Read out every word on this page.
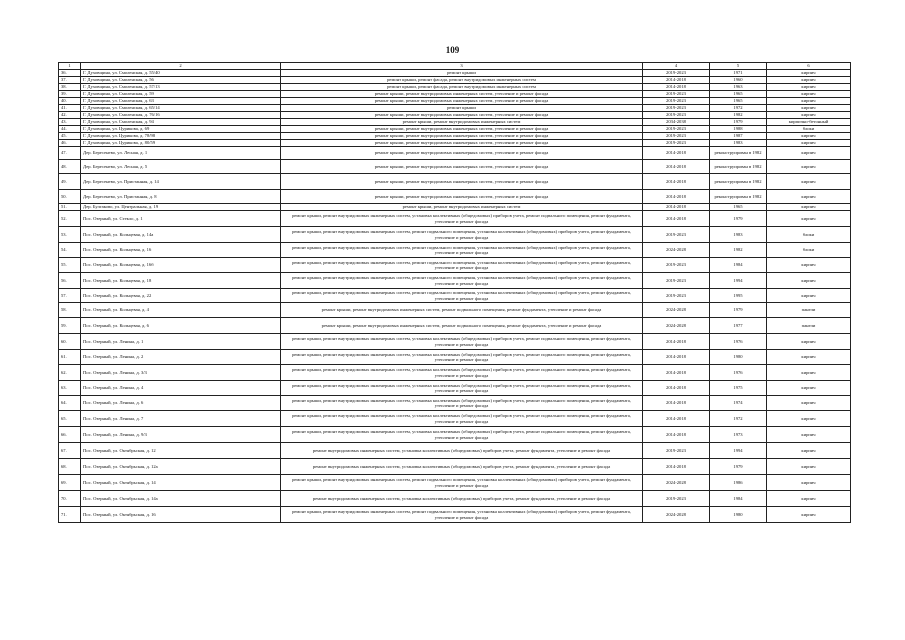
109
1	2	3	4	5	6
36.	Г. Духовщина, ул. Смоленская, д. 55/40	ремонт крыши	2019-2023	1971	кирпич
37.	Г. Духовщина, ул. Смоленская, д. 56	ремонт крыши, ремонт фасада, ремонт внутридомовых инженерных систем	2014-2018	1960	кирпич
38.	Г. Духовщина, ул. Смоленская, д. 57/13	ремонт крыши, ремонт фасада, ремонт внутридомовых инженерных систем	2014-2018	1963	кирпич
39.	Г. Духовщина, ул. Смоленская, д. 59	ремонт крыши, ремонт внутридомовых инженерных систем, утепление и ремонт фасада	2019-2023	1965	кирпич
40.	Г. Духовщина, ул. Смоленская, д. 63	ремонт крыши, ремонт внутридомовых инженерных систем, утепление и ремонт фасада	2019-2023	1965	кирпич
41.	Г. Духовщина, ул. Смоленская, д. 65/14	ремонт крыши	2019-2023	1972	кирпич
42.	Г. Духовщина, ул. Смоленская, д. 76/16	ремонт крыши, ремонт внутридомовых инженерных систем, утепление и ремонт фасада	2019-2023	1982	кирпич
43.	Г. Духовщина, ул. Смоленская, д. 94	ремонт крыши, ремонт внутридомовых инженерных систем	2034-2038	1979	кирпично-бетонный
44.	Г. Духовщина, ул. Цурикова, д. 69	ремонт крыши, ремонт внутридомовых инженерных систем, утепление и ремонт фасада	2019-2023	1988	блоки
45.	Г. Духовщина, ул. Цурикова, д. 78/98	ремонт крыши, ремонт внутридомовых инженерных систем, утепление и ремонт фасада	2019-2023	1987	кирпич
46.	Г. Духовщина, ул. Цурикова, д. 80/59	ремонт крыши, ремонт внутридомовых инженерных систем, утепление и ремонт фасада	2019-2023	1983	кирпич
47.	Дер. Бересенево, ул. Лесная, д. 1	ремонт крыши, ремонт внутридомовых инженерных систем, утепление и ремонт фасада	2014-2018	реконструирован в 1982	кирпич
48.	Дер. Бересенево, ул. Лесная, д. 5	ремонт крыши, ремонт внутридомовых инженерных систем, утепление и ремонт фасада	2014-2018	реконструирован в 1982	кирпич
49.	Дер. Бересенево, ул. Пристанная, д. 14	ремонт крыши, ремонт внутридомовых инженерных систем, утепление и ремонт фасада	2014-2018	реконструирован в 1982	кирпич
50.	Дер. Бересенево, ул. Пристанная, д. 8	ремонт крыши, ремонт внутридомовых инженерных систем, утепление и ремонт фасада	2014-2018	реконструирован в 1982	кирпич
51.	Дер. Булгаково, ул. Центральная, д. 19	ремонт крыши, ремонт внутридомовых инженерных систем	2014-2018	1965	кирпич
52.	Пос. Озерный, ул. Cтекло, д. 1	ремонт крыши, ремонт внутридомовых инженерных систем, установка коллективных (общедомовых) приборов учета, ремонт подвального помещения, ремонт фундамента, утепление и ремонт фасада	2014-2018	1979	кирпич
53.	Пос. Озерный, ул. Кольцевая, д. 14а	ремонт крыши, ремонт внутридомовых инженерных систем, ремонт подвального помещения, установка коллективных (общедомовых) приборов учета, ремонт фундамента, утепление и ремонт фасада	2019-2023	1983	блоки
54.	Пос. Озерный, ул. Кольцевая, д. 16	ремонт крыши, ремонт внутридомовых инженерных систем, ремонт подвального помещения, установка коллективных (общедомовых) приборов учета, ремонт фундамента, утепление и ремонт фасада	2024-2028	1982	блоки
55.	Пос. Озерный, ул. Кольцевая, д. 16б	ремонт крыши, ремонт внутридомовых инженерных систем, ремонт подвального помещения, установка коллективных (общедомовых) приборов учета, ремонт фундамента, утепление и ремонт фасада	2019-2023	1984	кирпич
56.	Пос. Озерный, ул. Кольцевая, д. 18	ремонт крыши, ремонт внутридомовых инженерных систем, ремонт подвального помещения, установка коллективных (общедомовых) приборов учета, ремонт фундамента, утепление и ремонт фасада	2019-2023	1994	кирпич
57.	Пос. Озерный, ул. Кольцевая, д. 22	ремонт крыши, ремонт внутридомовых инженерных систем, ремонт подвального помещения, установка коллективных (общедомовых) приборов учета, ремонт фундамента, утепление и ремонт фасада	2019-2023	1995	кирпич
58.	Пос. Озерный, ул. Кольцевая, д. 4	ремонт крыши, ремонт внутридомовых инженерных систем, ремонт подвального помещения, ремонт фундамента, утепление и ремонт фасада	2024-2028	1979	панели
59.	Пос. Озерный, ул. Кольцевая, д. 6	ремонт крыши, ремонт внутридомовых инженерных систем, ремонт подвального помещения, ремонт фундамента, утепление и ремонт фасада	2024-2028	1977	панели
60.	Пос. Озерный, ул. Ленина, д. 1	ремонт крыши, ремонт внутридомовых инженерных систем, установка коллективных (общедомовых) приборов учета, ремонт подвального помещения, ремонт фундамента, утепление и ремонт фасада	2014-2018	1976	кирпич
61.	Пос. Озерный, ул. Ленина, д. 2	ремонт крыши, ремонт внутридомовых инженерных систем, установка коллективных (общедомовых) приборов учета, ремонт подвального помещения, ремонт фундамента, утепление и ремонт фасада	2014-2018	1980	кирпич
62.	Пос. Озерный, ул. Ленина, д. 3/3	ремонт крыши, ремонт внутридомовых инженерных систем, установка коллективных (общедомовых) приборов учета, ремонт подвального помещения, ремонт фундамента, утепление и ремонт фасада	2014-2018	1976	кирпич
63.	Пос. Озерный, ул. Ленина, д. 4	ремонт крыши, ремонт внутридомовых инженерных систем, установка коллективных (общедомовых) приборов учета, ремонт подвального помещения, ремонт фундамента, утепление и ремонт фасада	2014-2018	1975	кирпич
64.	Пос. Озерный, ул. Ленина, д. 6	ремонт крыши, ремонт внутридомовых инженерных систем, установка коллективных (общедомовых) приборов учета, ремонт подвального помещения, ремонт фундамента, утепление и ремонт фасада	2014-2018	1974	кирпич
65.	Пос. Озерный, ул. Ленина, д. 7	ремонт крыши, ремонт внутридомовых инженерных систем, установка коллективных (общедомовых) приборов учета, ремонт подвального помещения, ремонт фундамента, утепление и ремонт фасада	2014-2018	1972	кирпич
66.	Пос. Озерный, ул. Ленина, д. 9/3	ремонт крыши, ремонт внутридомовых инженерных систем, установка коллективных (общедомовых) приборов учета, ремонт подвального помещения, ремонт фундамента, утепление и ремонт фасада	2014-2018	1973	кирпич
67.	Пос. Озерный, ул. Октябрьская, д. 12	ремонт внутридомовых инженерных систем, установка коллективных (общедомовых) приборов учета, ремонт фундамента, утепление и ремонт фасада	2019-2023	1994	кирпич
68.	Пос. Озерный, ул. Октябрьская, д. 12а	ремонт внутридомовых инженерных систем, установка коллективных (общедомовых) приборов учета, ремонт фундамента, утепление и ремонт фасада	2014-2018	1979	кирпич
69.	Пос. Озерный, ул. Октябрьская, д. 14	ремонт крыши, ремонт внутридомовых инженерных систем, ремонт подвального помещения, установка коллективных (общедомовых) приборов учета, ремонт фундамента, утепление и ремонт фасада	2024-2028	1986	кирпич
70.	Пос. Озерный, ул. Октябрьская, д. 14а	ремонт внутридомовых инженерных систем, установка коллективных (общедомовых) приборов учета, ремонт фундамента, утепление и ремонт фасада	2019-2023	1984	кирпич
71.	Пос. Озерный, ул. Октябрьская, д. 16	ремонт крыши, ремонт внутридомовых инженерных систем, ремонт подвального помещения, установка коллективных (общедомовых) приборов учета, ремонт фундамента, утепление и ремонт фасада	2024-2028	1980	кирпич
